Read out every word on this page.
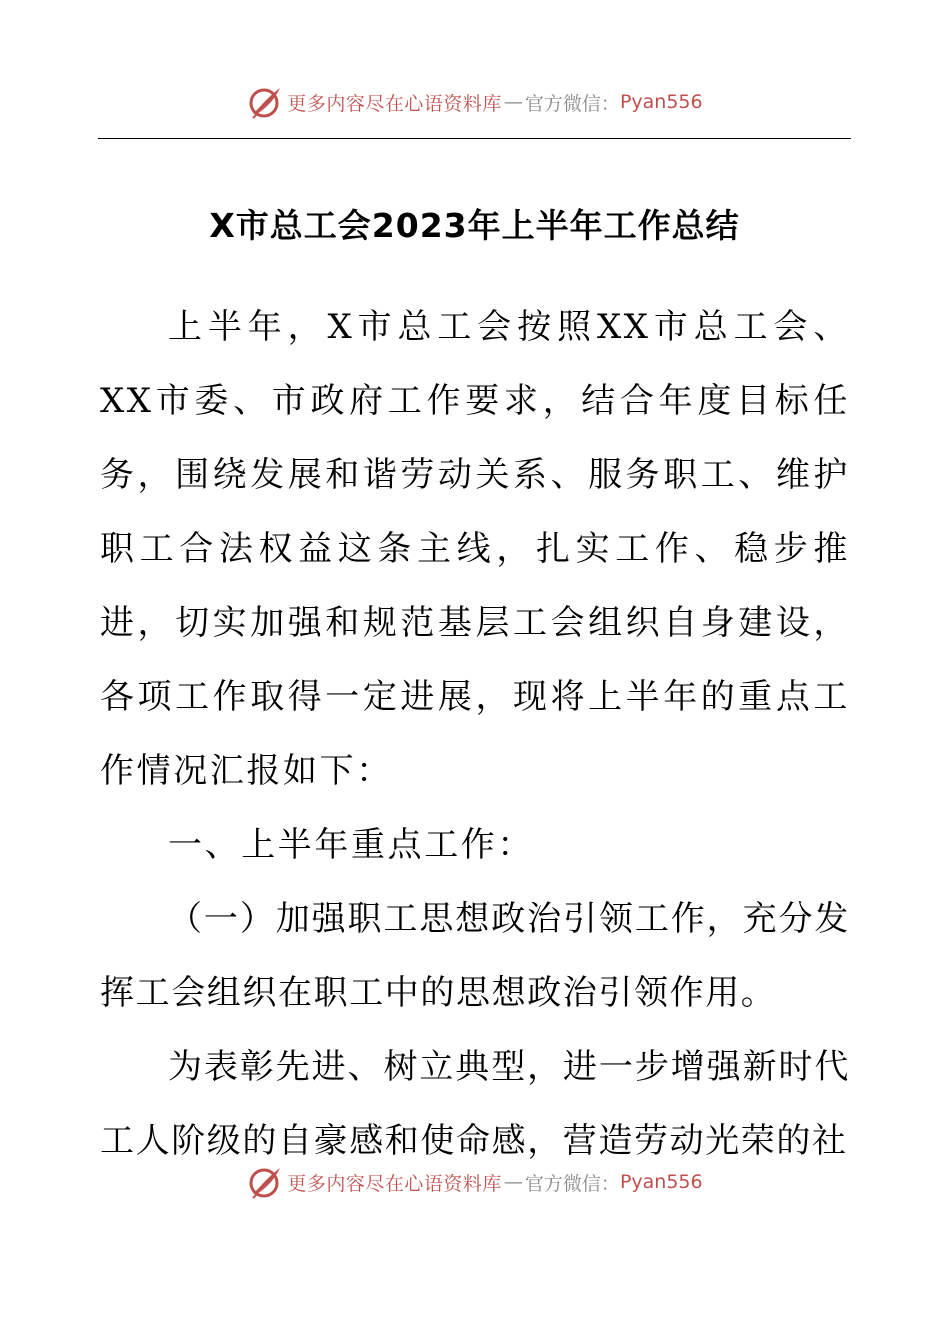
更多内容尽在心语资料库 — 官方微信： Pyan556
X市总工会2023年上半年工作总结

上半年，X市总工会按照XX市总工会、XX市委、市政府工作要求，结合年度目标任务，围绕发展和谐劳动关系、服务职工、维护职工合法权益这条主线，扎实工作、稳步推进，切实加强和规范基层工会组织自身建设，各项工作取得一定进展，现将上半年的重点工作情况汇报如下：

一、上半年重点工作：

（一）加强职工思想政治引领工作，充分发挥工会组织在职工中的思想政治引领作用。

为表彰先进、树立典型，进一步增强新时代工人阶级的自豪感和使命感，营造劳动光荣的社

更多内容尽在心语资料库 — 官方微信： Pyan556
